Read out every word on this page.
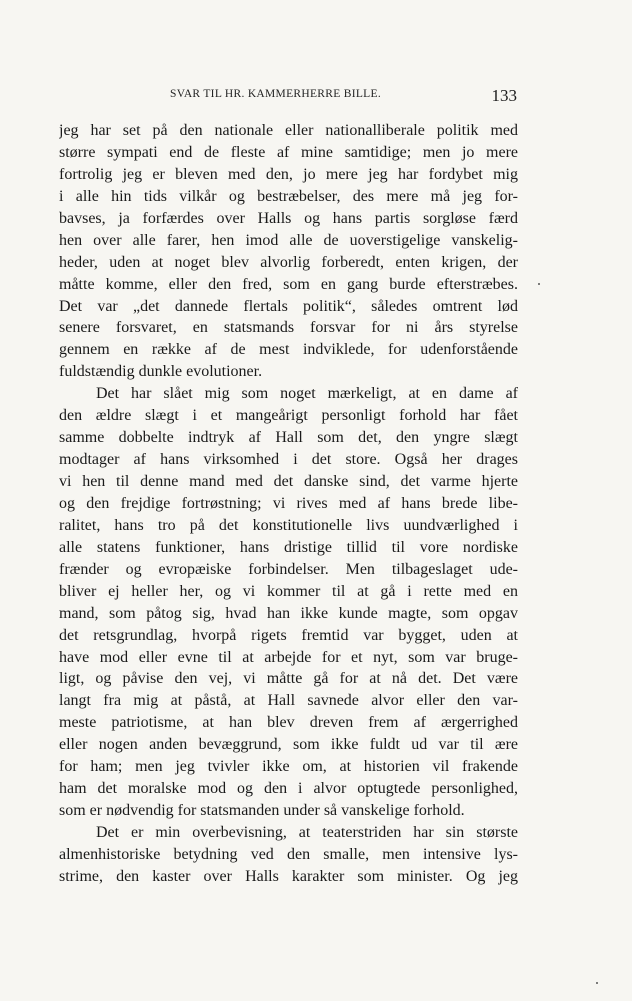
SVAR TIL HR. KAMMERHERRE BILLE.	133
jeg har set på den nationale eller nationalliberale politik med
større sympati end de fleste af mine samtidige; men jo mere
fortrolig jeg er bleven med den, jo mere jeg har fordybet mig
i alle hin tids vilkår og bestræbelser, des mere må jeg for-
bavses, ja forfærdes over Halls og hans partis sorgløse færd
hen over alle farer, hen imod alle de uoverstigelige vanskelig-
heder, uden at noget blev alvorlig forberedt, enten krigen, der
måtte komme, eller den fred, som en gang burde efterstræbes.
Det var „det dannede flertals politik“, således omtrent lød
senere forsvaret, en statsmands forsvar for ni års styrelse
gennem en række af de mest indviklede, for udenforstående
fuldstændig dunkle evolutioner.
Det har slået mig som noget mærkeligt, at en dame af
den ældre slægt i et mangeårigt personligt forhold har fået
samme dobbelte indtryk af Hall som det, den yngre slægt
modtager af hans virksomhed i det store. Også her drages
vi hen til denne mand med det danske sind, det varme hjerte
og den frejdige fortrøstning; vi rives med af hans brede libe-
ralitet, hans tro på det konstitutionelle livs uundværlighed i
alle statens funktioner, hans dristige tillid til vore nordiske
frænder og evropæiske forbindelser. Men tilbageslaget ude-
bliver ej heller her, og vi kommer til at gå i rette med en
mand, som påtog sig, hvad han ikke kunde magte, som opgav
det retsgrundlag, hvorpå rigets fremtid var bygget, uden at
have mod eller evne til at arbejde for et nyt, som var bruge-
ligt, og påvise den vej, vi måtte gå for at nå det. Det være
langt fra mig at påstå, at Hall savnede alvor eller den var-
meste patriotisme, at han blev dreven frem af ærgerrighed
eller nogen anden bevæggrund, som ikke fuldt ud var til ære
for ham; men jeg tvivler ikke om, at historien vil frakende
ham det moralske mod og den i alvor optugtede personlighed,
som er nødvendig for statsmanden under så vanskelige forhold.
Det er min overbevisning, at teaterstriden har sin største
almenhistoriske betydning ved den smalle, men intensive lys-
strime, den kaster over Halls karakter som minister. Og jeg
